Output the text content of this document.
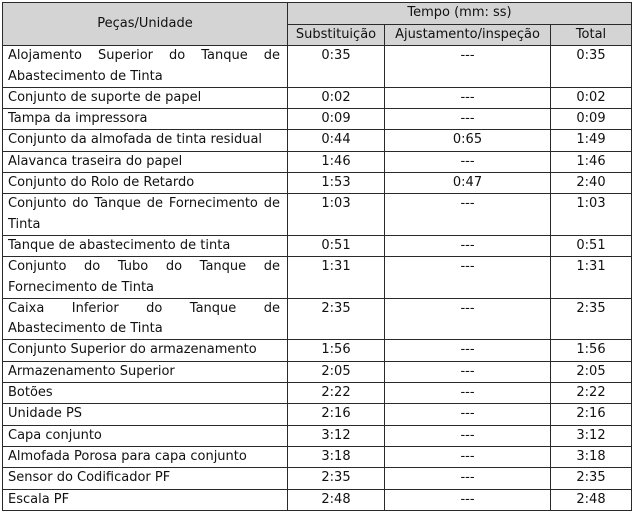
Peças/Unidade	Tempo (mm: ss)		
	Substituição	Ajustamento/inspeção	Total
Alojamento Superior do Tanque de Abastecimento de Tinta	0:35	---	0:35
Conjunto de suporte de papel	0:02	---	0:02
Tampa da impressora	0:09	---	0:09
Conjunto da almofada de tinta residual	0:44	0:65	1:49
Alavanca traseira do papel	1:46	---	1:46
Conjunto do Rolo de Retardo	1:53	0:47	2:40
Conjunto do Tanque de Fornecimento de Tinta	1:03	---	1:03
Tanque de abastecimento de tinta	0:51	---	0:51
Conjunto do Tubo do Tanque de Fornecimento de Tinta	1:31	---	1:31
Caixa Inferior do Tanque de Abastecimento de Tinta	2:35	---	2:35
Conjunto Superior do armazenamento	1:56	---	1:56
Armazenamento Superior	2:05	---	2:05
Botões	2:22	---	2:22
Unidade PS	2:16	---	2:16
Capa conjunto	3:12	---	3:12
Almofada Porosa para capa conjunto	3:18	---	3:18
Sensor do Codificador PF	2:35	---	2:35
Escala PF	2:48	---	2:48
